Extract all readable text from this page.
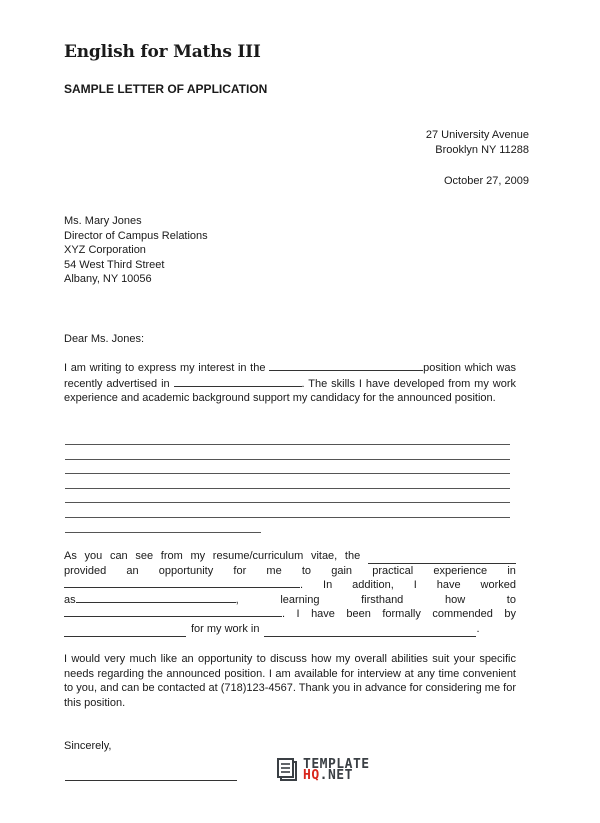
English for Maths III
SAMPLE LETTER OF APPLICATION
27 University Avenue
Brooklyn NY 11288
October 27, 2009
Ms. Mary Jones
Director of Campus Relations
XYZ Corporation
54 West Third Street
Albany, NY 10056
Dear Ms. Jones:
I am writing to express my interest in the	position which was recently advertised in	. The skills I have developed from my work experience and academic background support my candidacy for the announced position.
As you can see from my resume/curriculum vitae, the
provided an opportunity for me to gain practical experience in
. In addition, I have worked
as	,	learning	firsthand	how	to
. I have been formally commended by
for my work in	.
I would very much like an opportunity to discuss how my overall abilities suit your specific needs regarding the announced position. I am available for interview at any time convenient to you, and can be contacted at (718)123-4567. Thank you in advance for considering me for this position.
Sincerely,
TEMPLATE
HQ.NET
